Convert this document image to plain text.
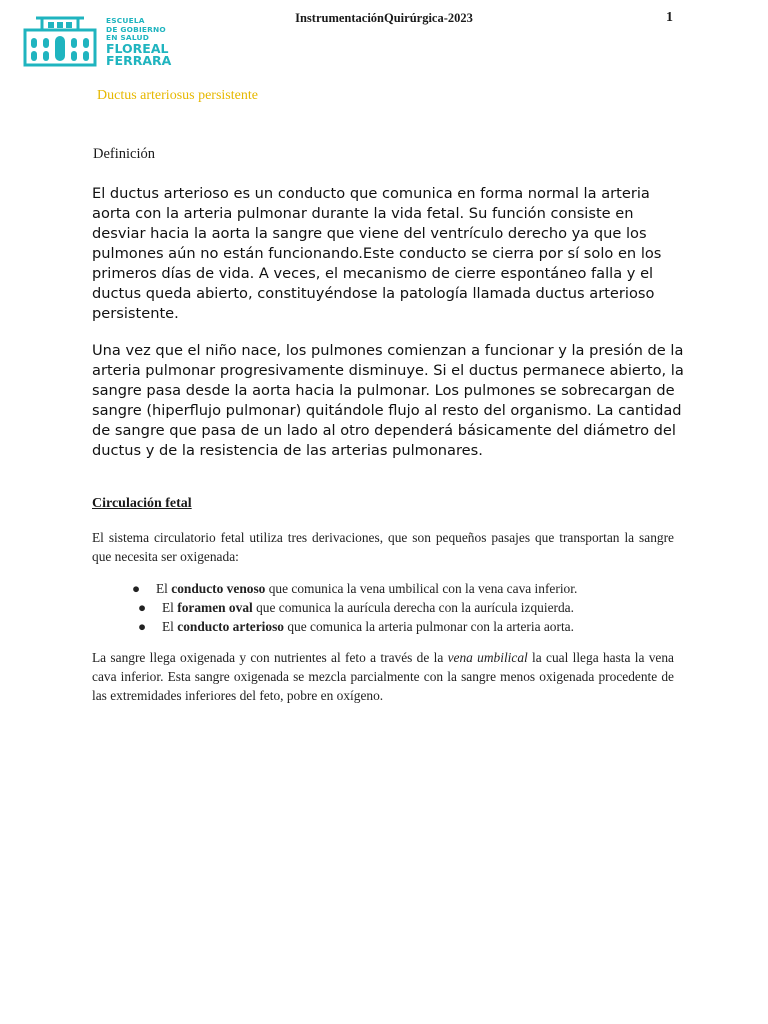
ESCUELA
DE GOBIERNO
EN SALUD
FLOREAL
FERRARA
InstrumentaciónQuirúrgica-2023	1
Ductus arteriosus persistente
Definición
El ductus arterioso es un conducto que comunica en forma normal la arteria aorta con la arteria pulmonar durante la vida fetal. Su función consiste en desviar hacia la aorta la sangre que viene del ventrículo derecho ya que los pulmones aún no están funcionando.Este conducto se cierra por sí solo en los primeros días de vida. A veces, el mecanismo de cierre espontáneo falla y el ductus queda abierto, constituyéndose la patología llamada ductus arterioso persistente.
Una vez que el niño nace, los pulmones comienzan a funcionar y la presión de la arteria pulmonar progresivamente disminuye. Si el ductus permanece abierto, la sangre pasa desde la aorta hacia la pulmonar. Los pulmones se sobrecargan de sangre (hiperflujo pulmonar) quitándole flujo al resto del organismo. La cantidad de sangre que pasa de un lado al otro dependerá básicamente del diámetro del ductus y de la resistencia de las arterias pulmonares.
Circulación fetal
El sistema circulatorio fetal utiliza tres derivaciones, que son pequeños pasajes que transportan la sangre que necesita ser oxigenada:
● El conducto venoso que comunica la vena umbilical con la vena cava inferior.
● El foramen oval que comunica la aurícula derecha con la aurícula izquierda.
● El conducto arterioso que comunica la arteria pulmonar con la arteria aorta.
La sangre llega oxigenada y con nutrientes al feto a través de la vena umbilical la cual llega hasta la vena cava inferior. Esta sangre oxigenada se mezcla parcialmente con la sangre menos oxigenada procedente de las extremidades inferiores del feto, pobre en oxígeno.
